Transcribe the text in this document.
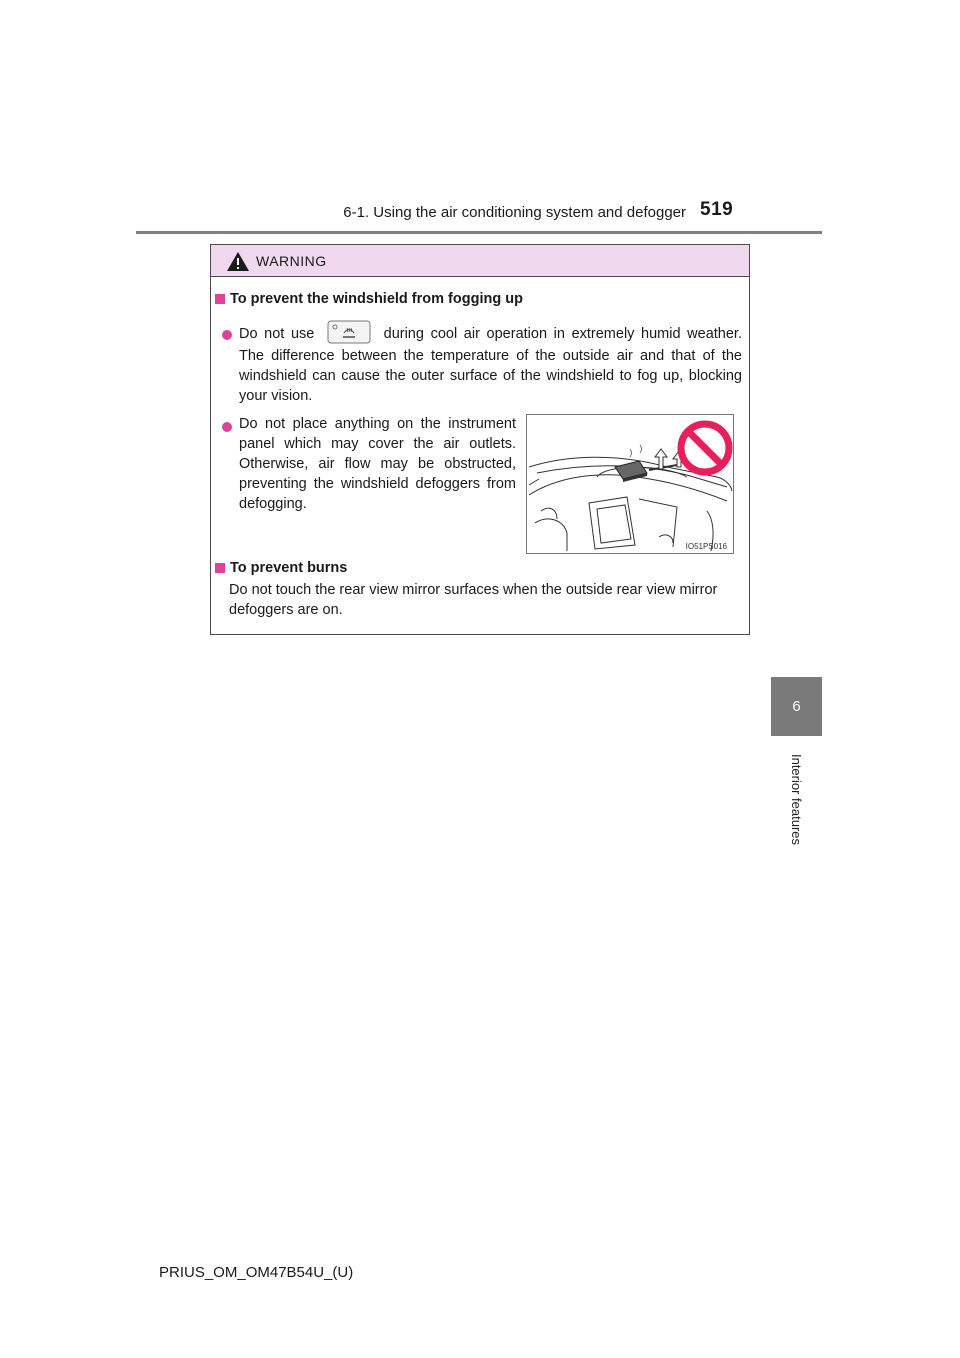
6-1. Using the air conditioning system and defogger 519
6
Interior features
WARNING
To prevent the windshield from fogging up
Do not use	during cool air operation in extremely humid weather. The difference between the temperature of the outside air and that of the windshield can cause the outer surface of the windshield to fog up, blocking your vision.
Do not place anything on the instrument panel which may cover the air outlets. Otherwise, air flow may be obstructed, preventing the windshield defoggers from defogging.
IO51PS016
To prevent burns
Do not touch the rear view mirror surfaces when the outside rear view mirror defoggers are on.
PRIUS_OM_OM47B54U_(U)
